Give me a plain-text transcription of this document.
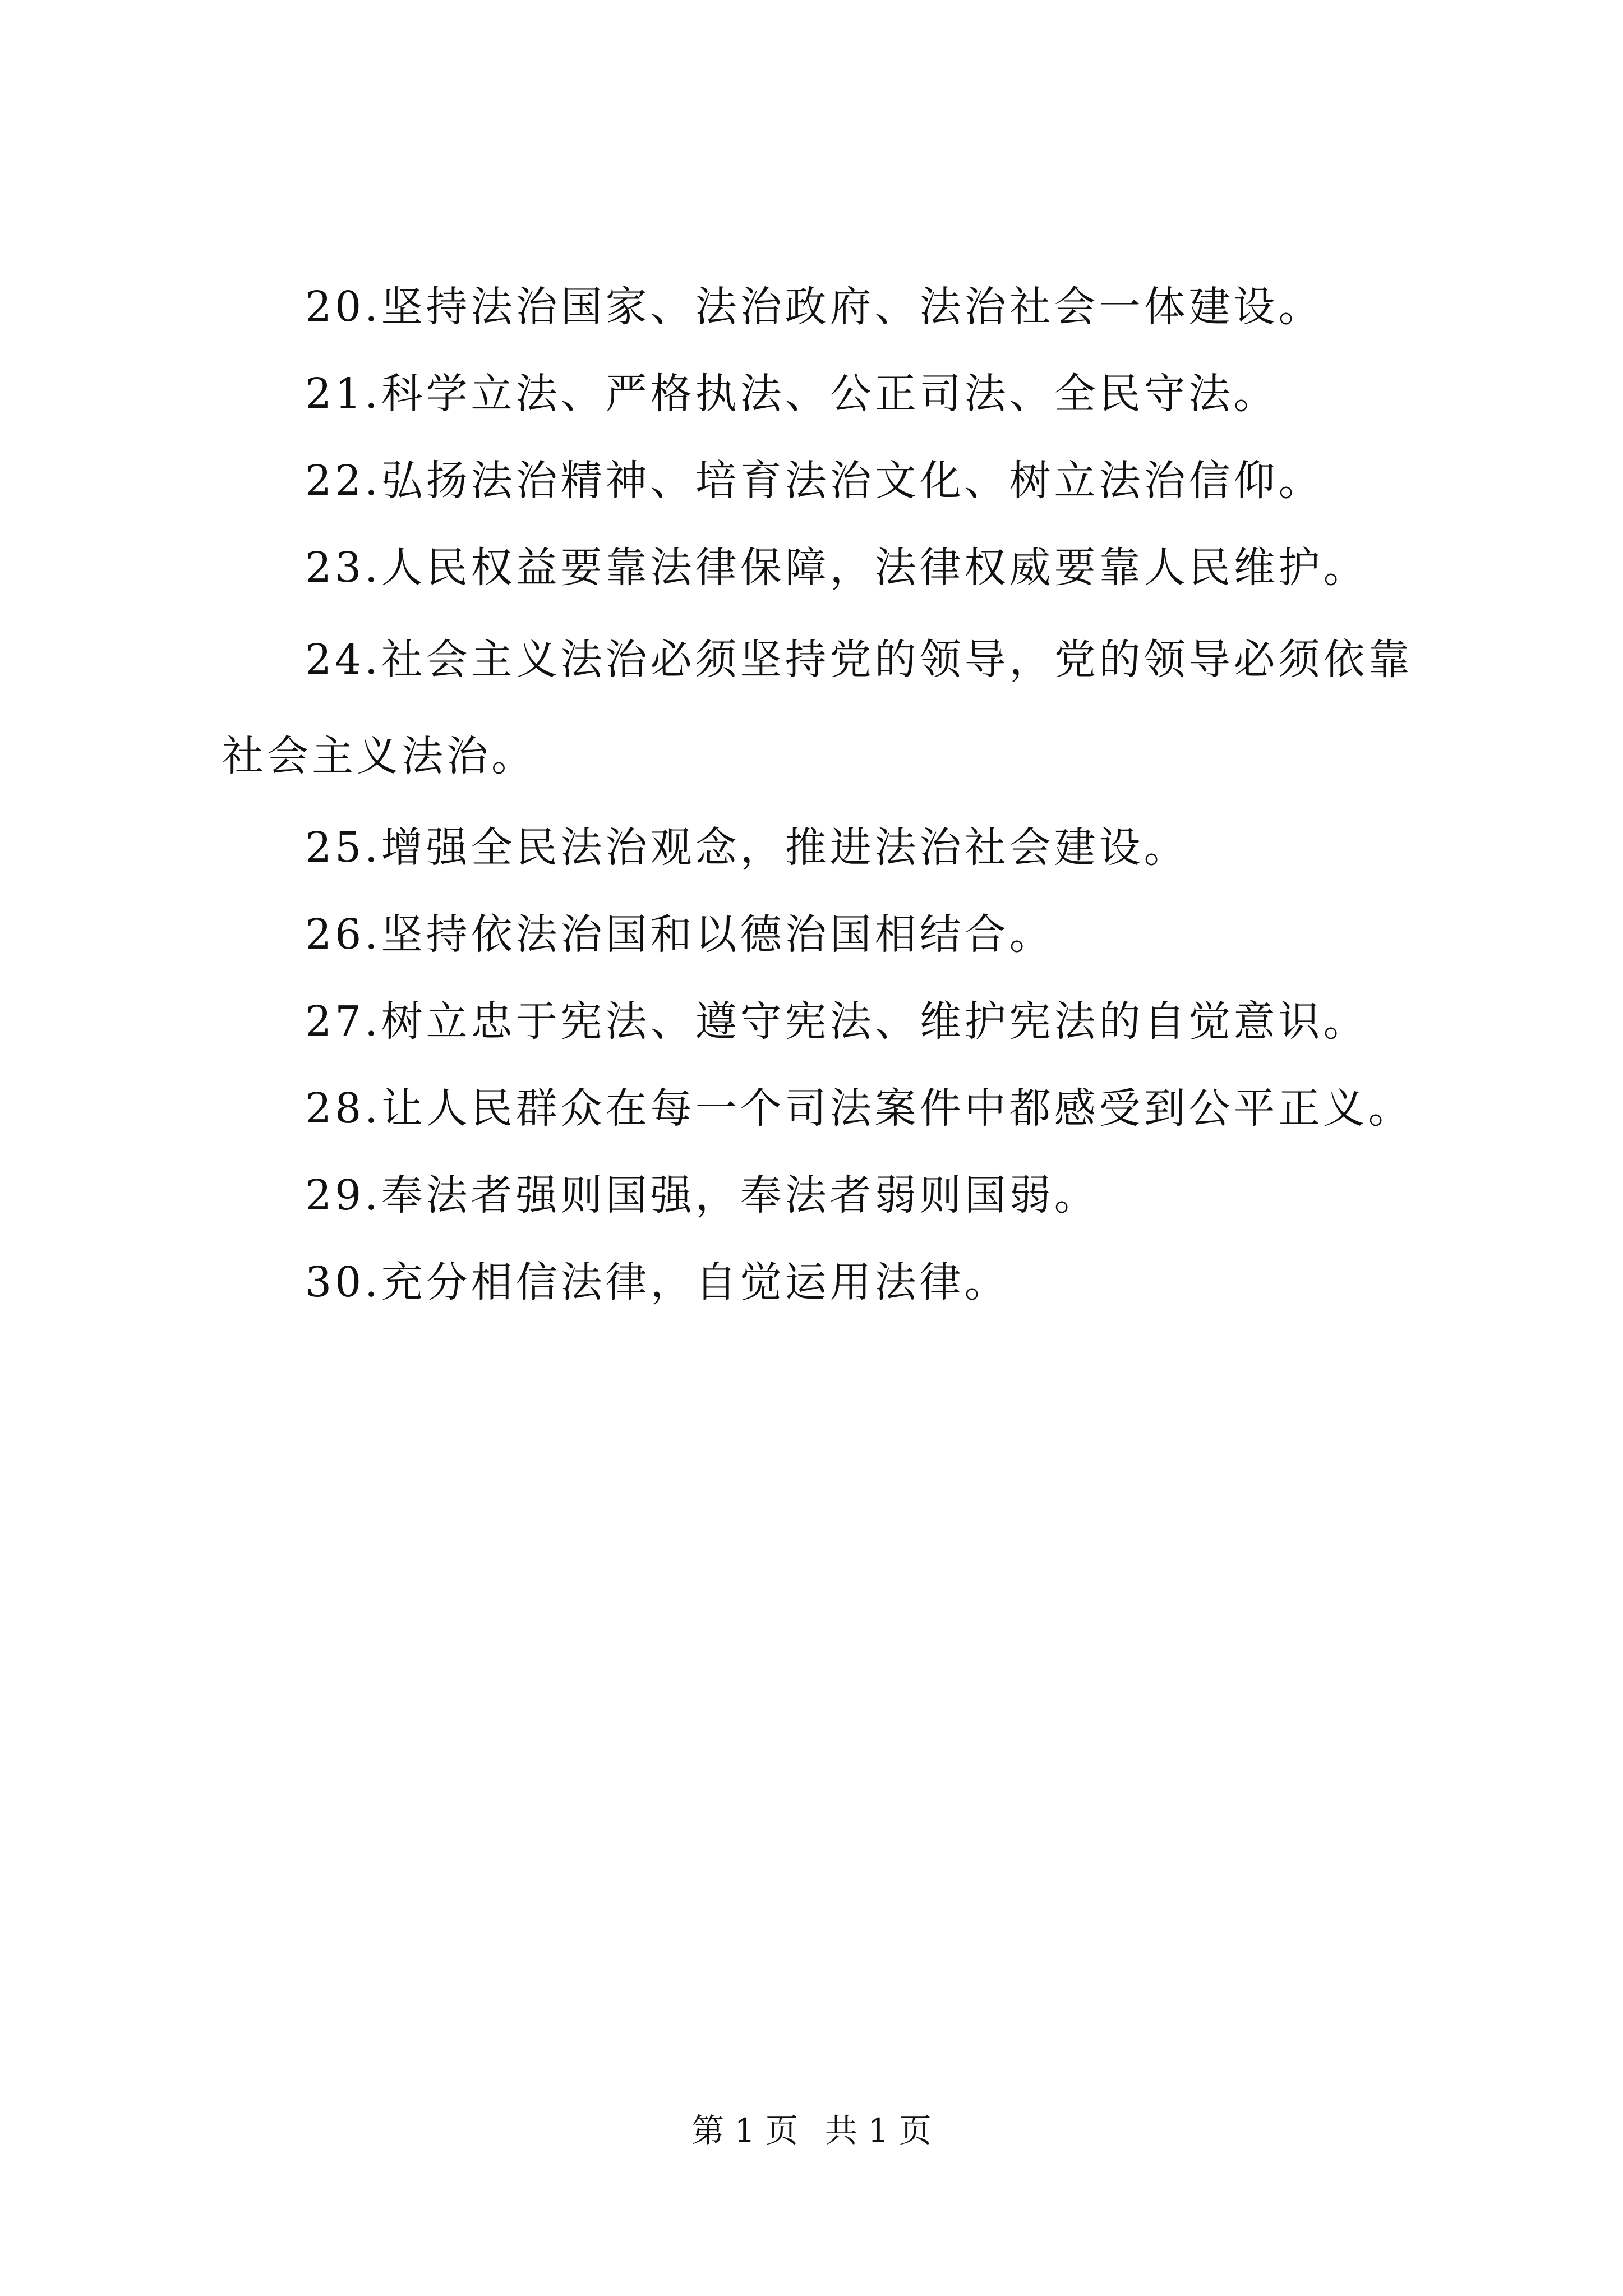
20.坚持法治国家、法治政府、法治社会一体建设。

21.科学立法、严格执法、公正司法、全民守法。

22.弘扬法治精神、培育法治文化、树立法治信仰。

23.人民权益要靠法律保障，法律权威要靠人民维护。

24.社会主义法治必须坚持党的领导，党的领导必须依靠社会主义法治。

25.增强全民法治观念，推进法治社会建设。

26.坚持依法治国和以德治国相结合。

27.树立忠于宪法、遵守宪法、维护宪法的自觉意识。

28.让人民群众在每一个司法案件中都感受到公平正义。

29.奉法者强则国强，奉法者弱则国弱。

30.充分相信法律，自觉运用法律。

第 1 页 共 1 页
